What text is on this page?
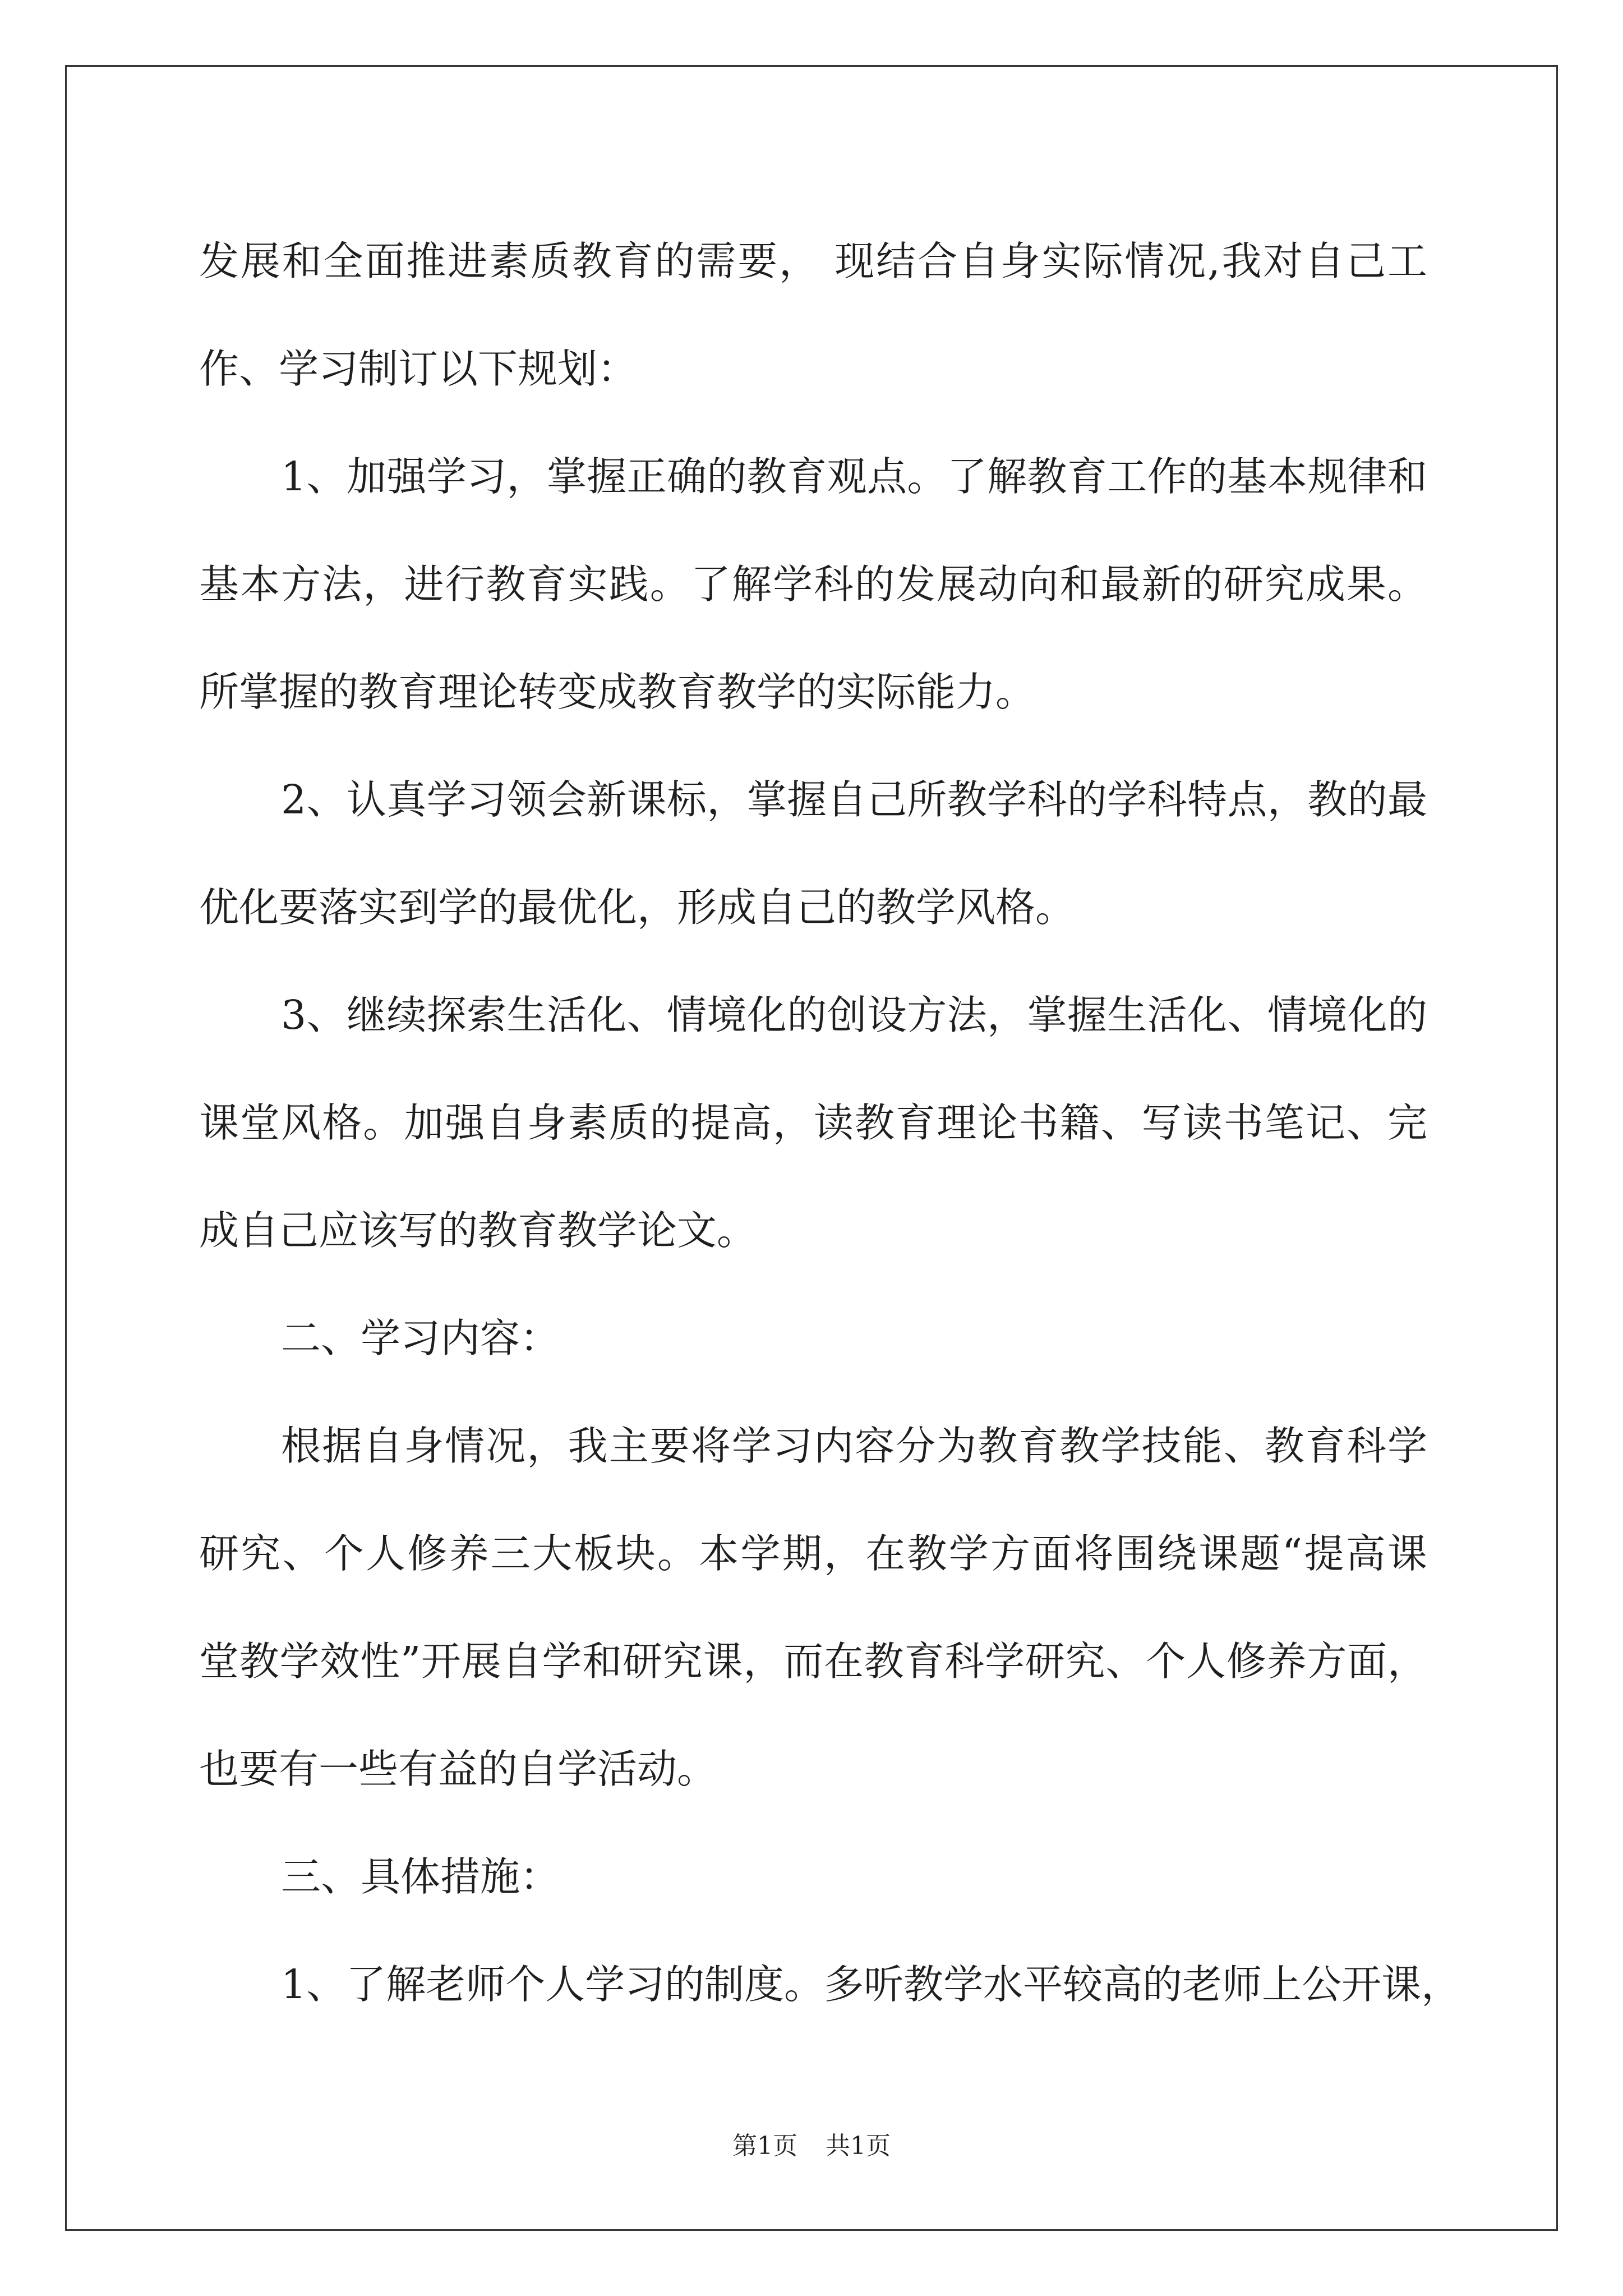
发展和全面推进素质教育的需要， 现结合自身实际情况,我对自己工
作、学习制订以下规划：
1、加强学习，掌握正确的教育观点。了解教育工作的基本规律和
基本方法，进行教育实践。了解学科的发展动向和最新的研究成果。
所掌握的教育理论转变成教育教学的实际能力。
2、认真学习领会新课标，掌握自己所教学科的学科特点，教的最
优化要落实到学的最优化，形成自己的教学风格。
3、继续探索生活化、情境化的创设方法，掌握生活化、情境化的
课堂风格。加强自身素质的提高，读教育理论书籍、写读书笔记、完
成自己应该写的教育教学论文。
二、学习内容：
根据自身情况，我主要将学习内容分为教育教学技能、教育科学
研究、个人修养三大板块。本学期，在教学方面将围绕课题“提高课
堂教学效性”开展自学和研究课，而在教育科学研究、个人修养方面，
也要有一些有益的自学活动。
三、具体措施：
1、了解老师个人学习的制度。多听教学水平较高的老师上公开课，
第1页 共1页
